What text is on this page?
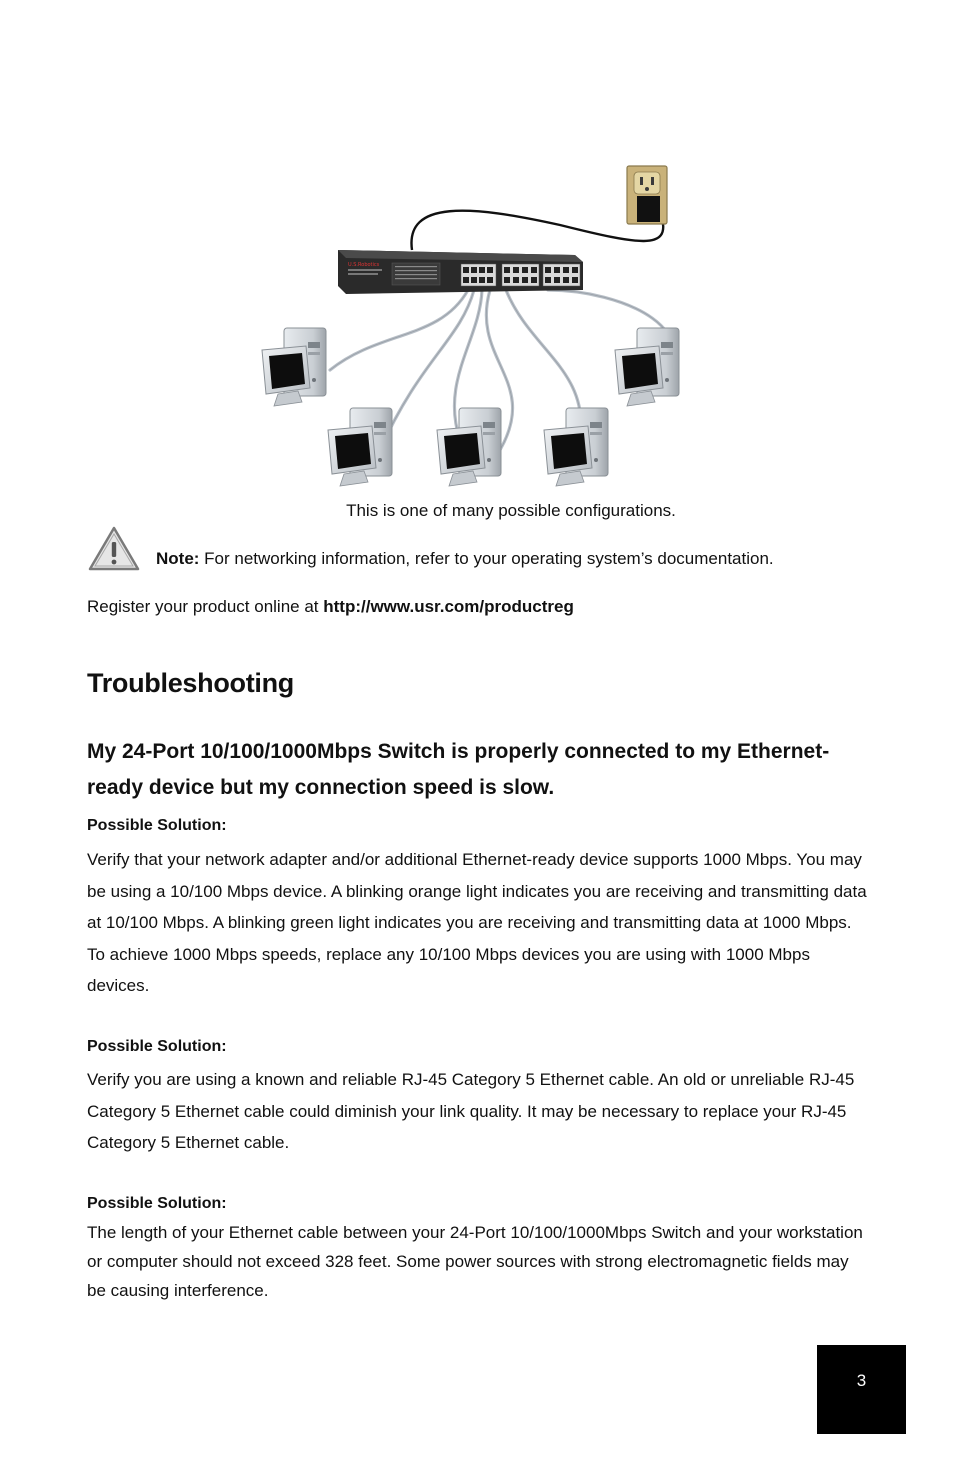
U.S.Robotics
This is one of many possible configurations.
Note: For networking information, refer to your operating system’s documentation.
Register your product online at http://www.usr.com/productreg
Troubleshooting
My 24-Port 10/100/1000Mbps Switch is properly connected to my Ethernet-ready device but my connection speed is slow.
Possible Solution:

Verify that your network adapter and/or additional Ethernet-ready device supports 1000 Mbps. You may be using a 10/100 Mbps device. A blinking orange light indicates you are receiving and transmitting data at 10/100 Mbps. A blinking green light indicates you are receiving and transmitting data at 1000 Mbps. To achieve 1000 Mbps speeds, replace any 10/100 Mbps devices you are using with 1000 Mbps devices.

Possible Solution:

Verify you are using a known and reliable RJ-45 Category 5 Ethernet cable. An old or unreliable RJ-45 Category 5 Ethernet cable could diminish your link quality. It may be necessary to replace your RJ-45 Category 5 Ethernet cable.

Possible Solution:

The length of your Ethernet cable between your 24-Port 10/100/1000Mbps Switch and your workstation or computer should not exceed 328 feet. Some power sources with strong electromagnetic fields may be causing interference.

3
